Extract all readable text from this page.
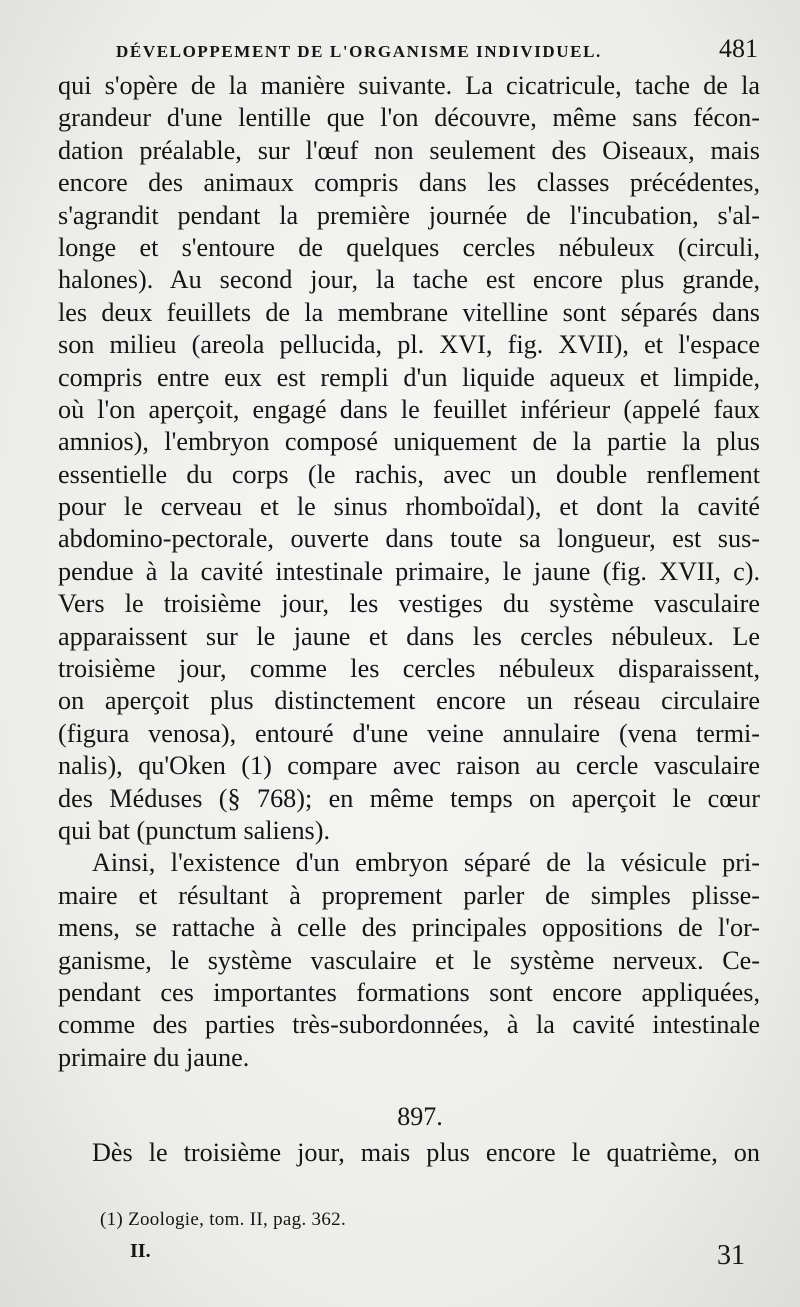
DÉVELOPPEMENT DE L'ORGANISME INDIVIDUEL.	481
qui s'opère de la manière suivante. La cicatricule, tache de la
grandeur d'une lentille que l'on découvre, même sans fécon-
dation préalable, sur l'œuf non seulement des Oiseaux, mais
encore des animaux compris dans les classes précédentes,
s'agrandit pendant la première journée de l'incubation, s'al-
longe et s'entoure de quelques cercles nébuleux (circuli,
halones). Au second jour, la tache est encore plus grande,
les deux feuillets de la membrane vitelline sont séparés dans
son milieu (areola pellucida, pl. XVI, fig. XVII), et l'espace
compris entre eux est rempli d'un liquide aqueux et limpide,
où l'on aperçoit, engagé dans le feuillet inférieur (appelé faux
amnios), l'embryon composé uniquement de la partie la plus
essentielle du corps (le rachis, avec un double renflement
pour le cerveau et le sinus rhomboïdal), et dont la cavité
abdomino-pectorale, ouverte dans toute sa longueur, est sus-
pendue à la cavité intestinale primaire, le jaune (fig. XVII, c).
Vers le troisième jour, les vestiges du système vasculaire
apparaissent sur le jaune et dans les cercles nébuleux. Le
troisième jour, comme les cercles nébuleux disparaissent,
on aperçoit plus distinctement encore un réseau circulaire
(figura venosa), entouré d'une veine annulaire (vena termi-
nalis), qu'Oken (1) compare avec raison au cercle vasculaire
des Méduses (§ 768); en même temps on aperçoit le cœur
qui bat (punctum saliens).
Ainsi, l'existence d'un embryon séparé de la vésicule pri-
maire et résultant à proprement parler de simples plisse-
mens, se rattache à celle des principales oppositions de l'or-
ganisme, le système vasculaire et le système nerveux. Ce-
pendant ces importantes formations sont encore appliquées,
comme des parties très-subordonnées, à la cavité intestinale
primaire du jaune.
897.
Dès le troisième jour, mais plus encore le quatrième, on
(1) Zoologie, tom. II, pag. 362.
II.	31
